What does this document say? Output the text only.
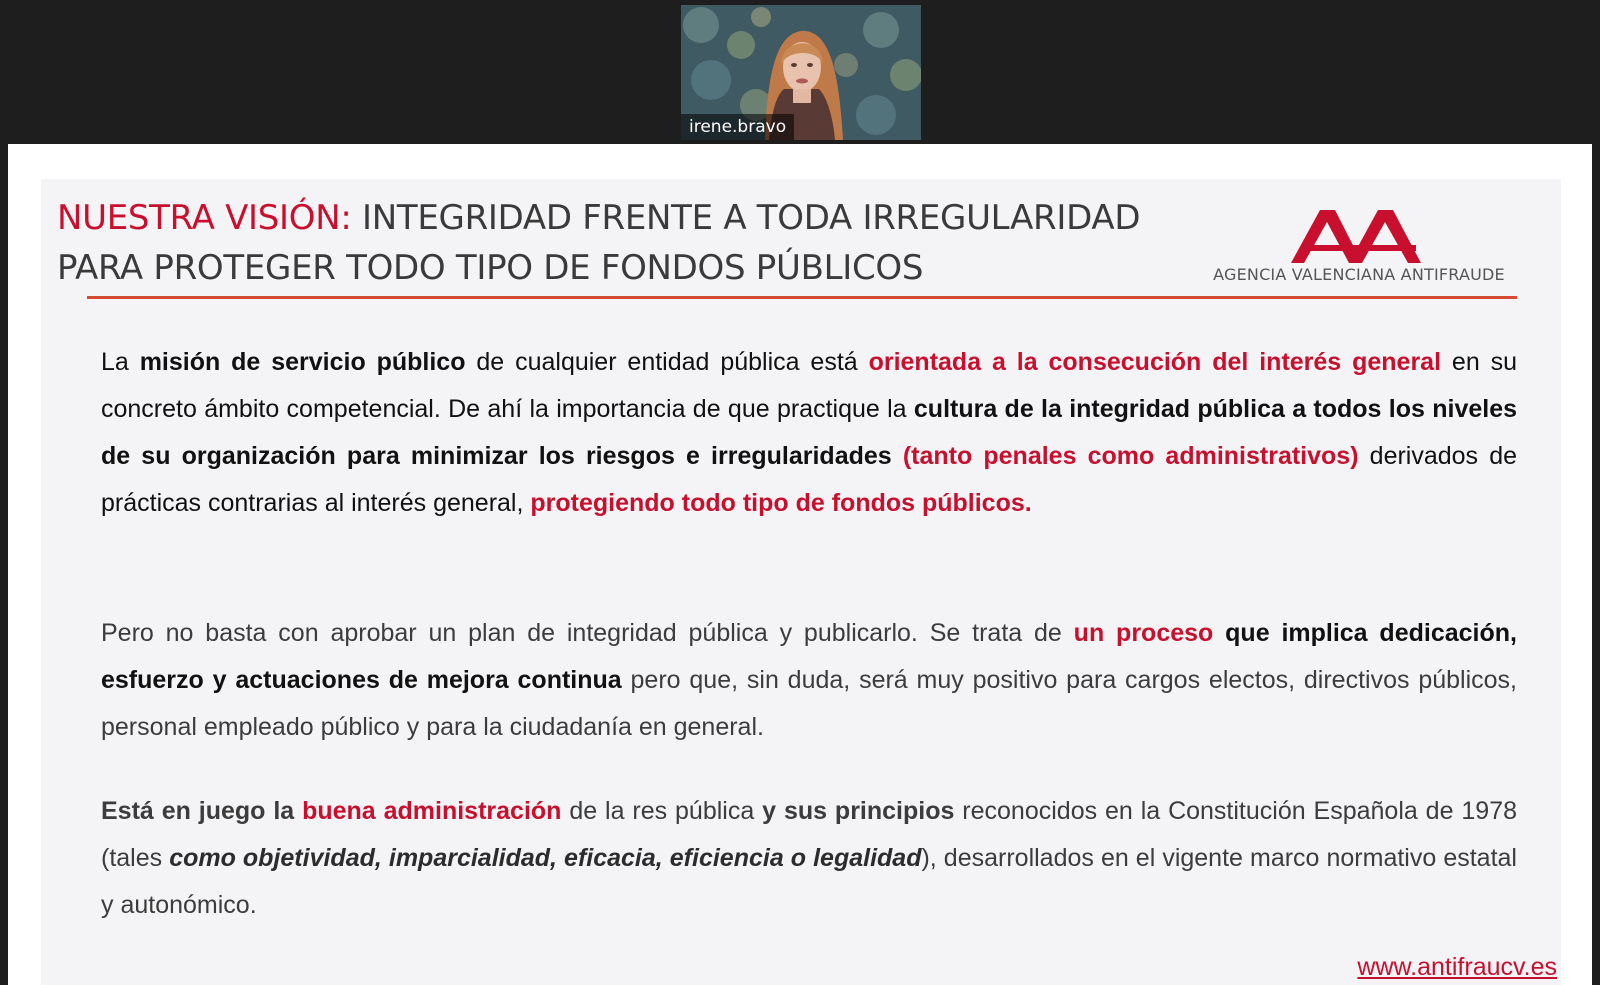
irene.bravo
NUESTRA VISIÓN: INTEGRIDAD FRENTE A TODA IRREGULARIDAD
PARA PROTEGER TODO TIPO DE FONDOS PÚBLICOS	AGENCIA VALENCIANA ANTIFRAUDE
La misión de servicio público de cualquier entidad pública está orientada a la consecución del interés general en su concreto ámbito competencial. De ahí la importancia de que practique la cultura de la integridad pública a todos los niveles de su organización para minimizar los riesgos e irregularidades (tanto penales como administrativos) derivados de prácticas contrarias al interés general, protegiendo todo tipo de fondos públicos.
Pero no basta con aprobar un plan de integridad pública y publicarlo. Se trata de un proceso que implica dedicación, esfuerzo y actuaciones de mejora continua pero que, sin duda, será muy positivo para cargos electos, directivos públicos, personal empleado público y para la ciudadanía en general.
Está en juego la buena administración de la res pública y sus principios reconocidos en la Constitución Española de 1978 (tales como objetividad, imparcialidad, eficacia, eficiencia o legalidad), desarrollados en el vigente marco normativo estatal y autonómico.
www.antifraucv.es
